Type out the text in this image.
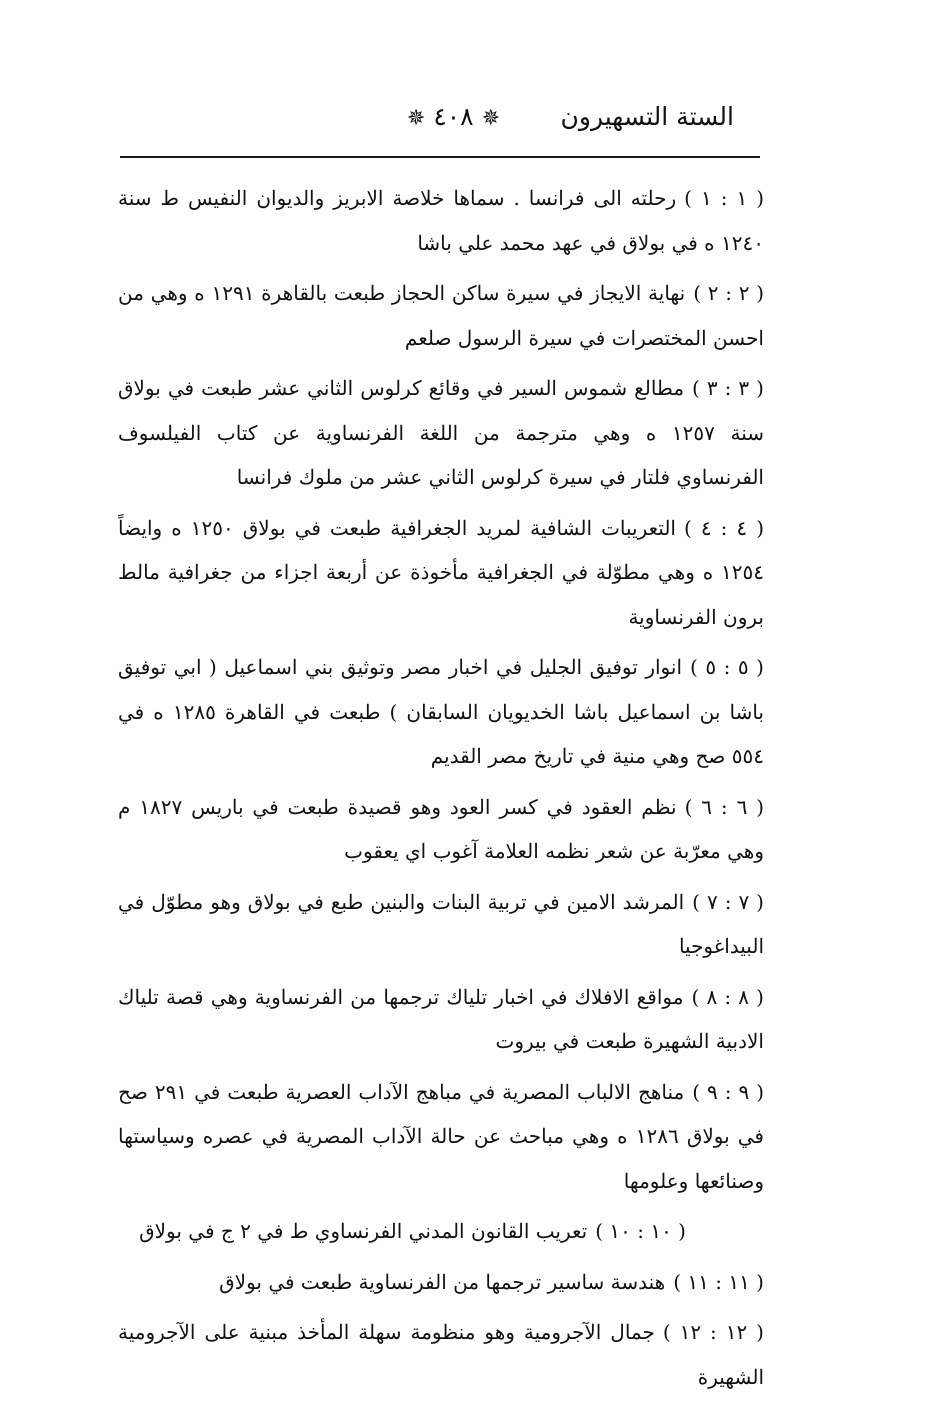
الستة التسهيرون
✵ ٤٠٨ ✵

( ١ : ١ )رحلته الى فرانسا . سماها خلاصة الابريز والديوان النفيس ط سنة ١٢٤٠ ه في بولاق في عهد محمد علي باشا

( ٢ : ٢ )نهاية الايجاز في سيرة ساكن الحجاز طبعت بالقاهرة ١٢٩١ ه وهي من احسن المختصرات في سيرة الرسول صلعم

( ٣ : ٣ )مطالع شموس السير في وقائع كرلوس الثاني عشر طبعت في بولاق سنة ١٢٥٧ ه وهي مترجمة من اللغة الفرنساوية عن كتاب الفيلسوف الفرنساوي فلتار في سيرة كرلوس الثاني عشر من ملوك فرانسا

( ٤ : ٤ )التعريبات الشافية لمريد الجغرافية طبعت في بولاق ١٢٥٠ ه وايضاً ١٢٥٤ ه وهي مطوّلة في الجغرافية مأخوذة عن أربعة اجزاء من جغرافية مالط برون الفرنساوية

( ٥ : ٥ )انوار توفيق الجليل في اخبار مصر وتوثيق بني اسماعيل ( ابي توفيق باشا بن اسماعيل باشا الخديويان السابقان ) طبعت في القاهرة ١٢٨٥ ه في ٥٥٤ صح وهي منية في تاريخ مصر القديم

( ٦ : ٦ )نظم العقود في كسر العود وهو قصيدة طبعت في باريس ١٨٢٧ م وهي معرّبة عن شعر نظمه العلامة آغوب اي يعقوب

( ٧ : ٧ )المرشد الامين في تربية البنات والبنين طبع في بولاق وهو مطوّل في البيداغوجيا

( ٨ : ٨ )مواقع الافلاك في اخبار تلياك ترجمها من الفرنساوية وهي قصة تلياك الادبية الشهيرة طبعت في بيروت

( ٩ : ٩ )مناهج الالباب المصرية في مباهج الآداب العصرية طبعت في ٢٩١ صح في بولاق ١٢٨٦ ه وهي مباحث عن حالة الآداب المصرية في عصره وسياستها وصنائعها وعلومها

( ١٠ : ١٠ )تعريب القانون المدني الفرنساوي ط في ٢ ج في بولاق

( ١١ : ١١ )هندسة ساسير ترجمها من الفرنساوية طبعت في بولاق

( ١٢ : ١٢ )جمال الآجرومية وهو منظومة سهلة المأخذ مبنية على الآجرومية الشهيرة
